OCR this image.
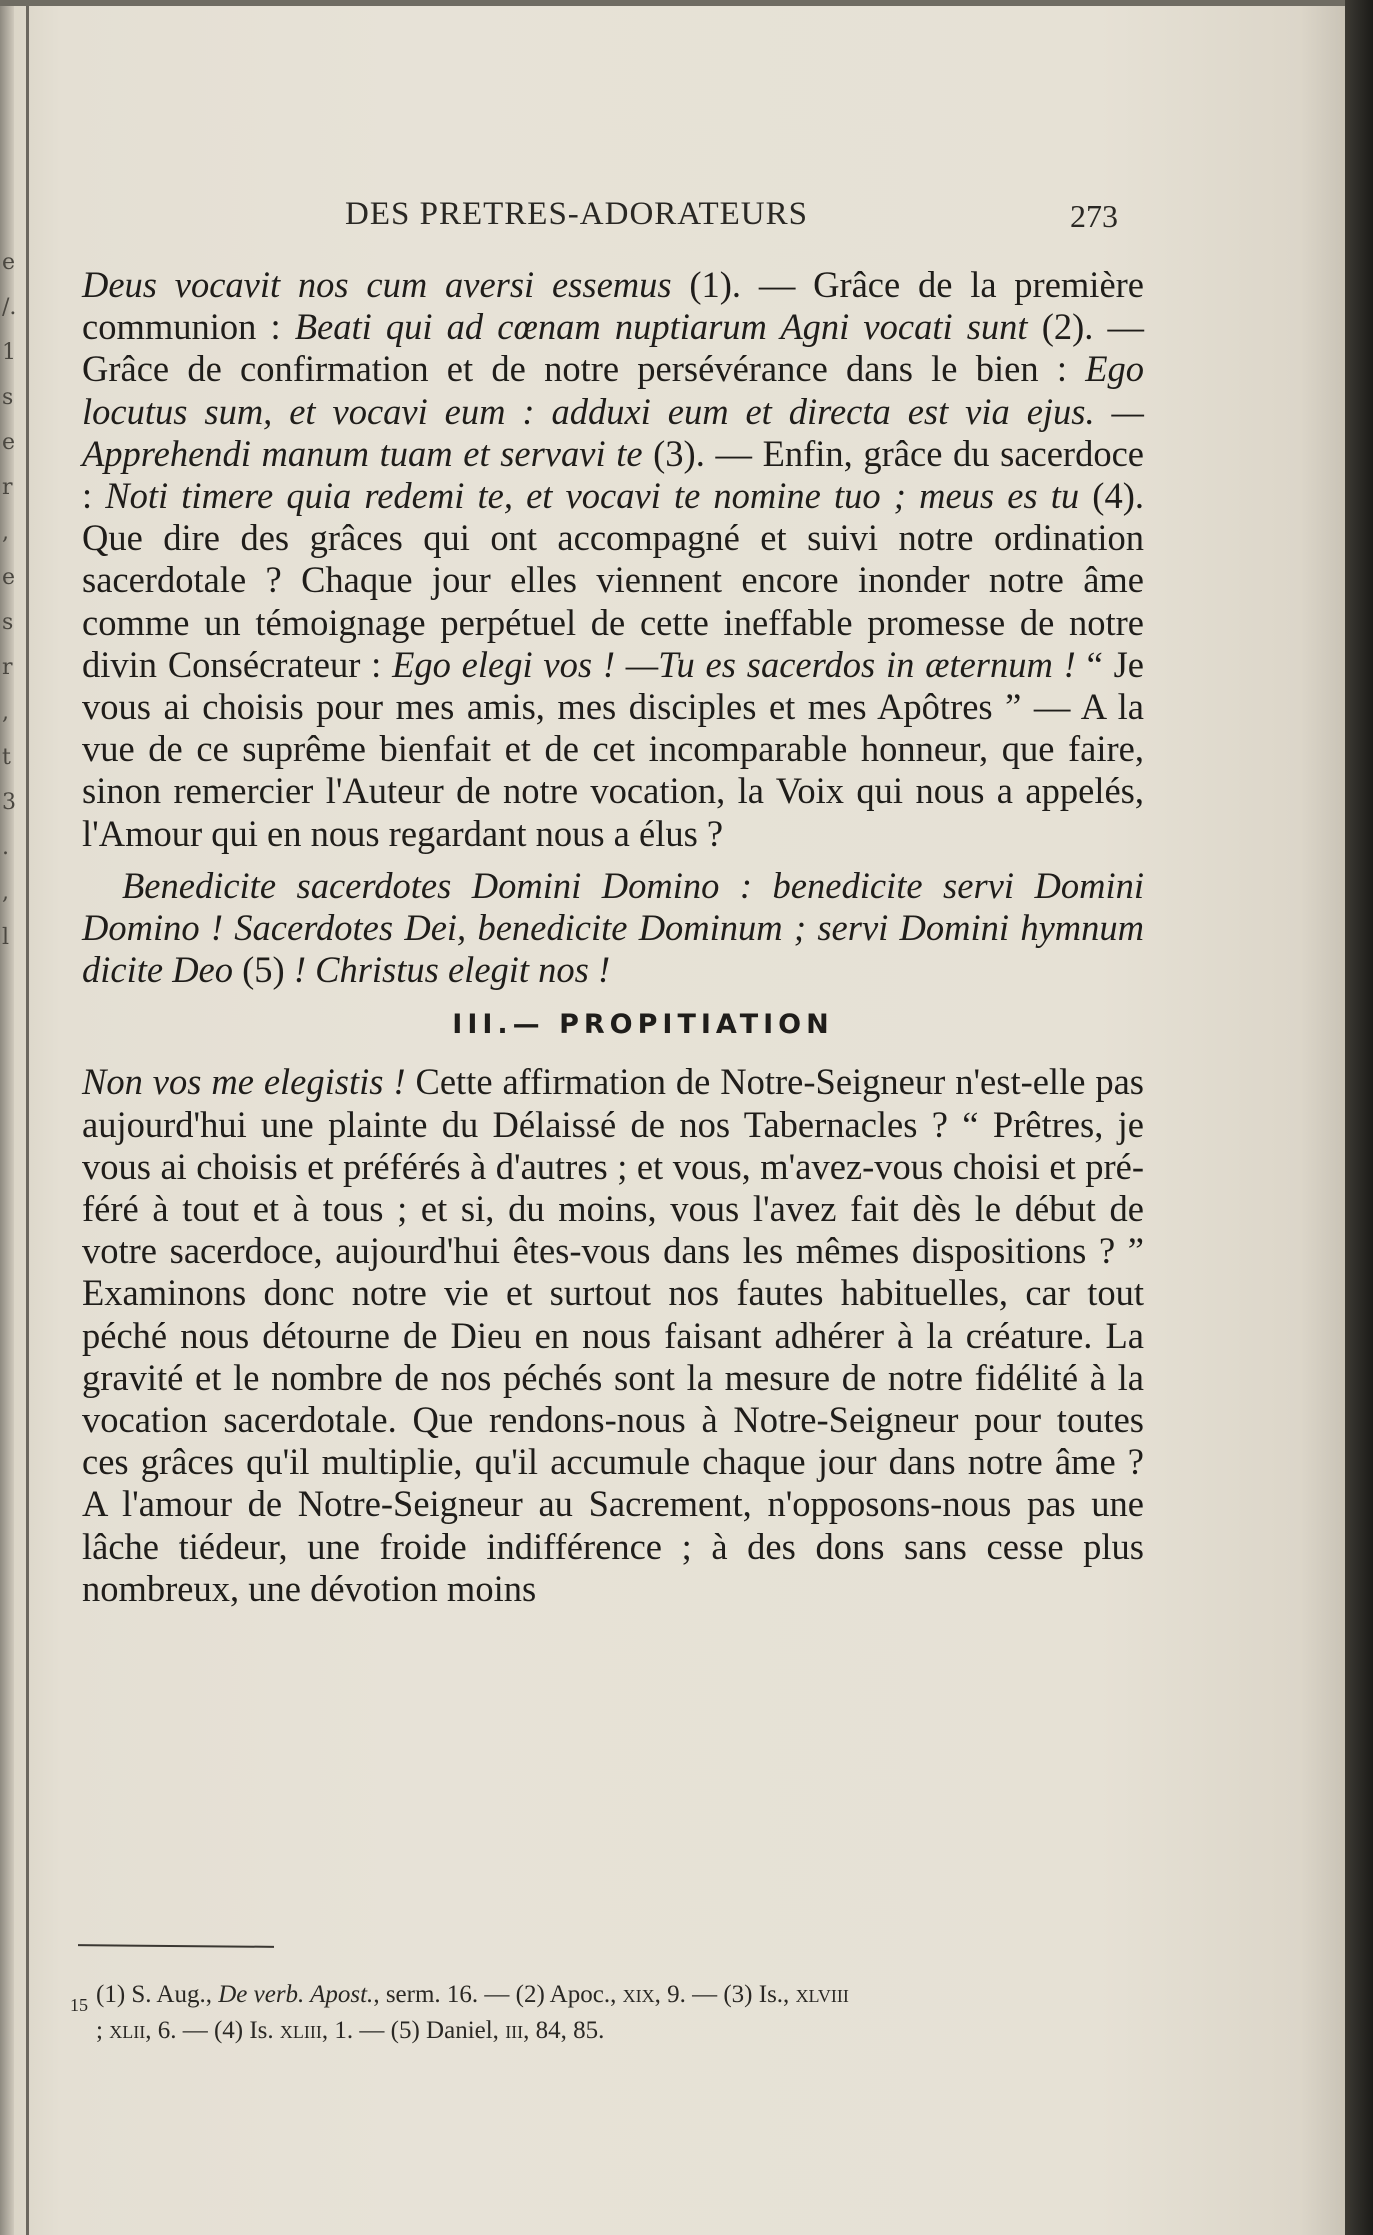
e
/.
1
s
e
r
,
e
s
r
,
t
3
.
,
l
DES PRETRES-ADORATEURS	273

Deus vocavit nos cum aversi essemus (1). — Grâce de la première communion : Beati qui ad cœnam nuptiarum Agni vocati sunt (2). — Grâce de confirmation et de notre persévérance dans le bien : Ego locutus sum, et vocavi eum : adduxi eum et directa est via ejus. — Apprehendi manum tuam et servavi te (3). — Enfin, grâce du sacerdoce : Noti timere quia redemi te, et vocavi te nomine tuo ; meus es tu (4). Que dire des grâces qui ont accompagné et suivi notre ordination sacerdotale ? Chaque jour elles viennent encore inonder notre âme comme un témoignage perpétuel de cette ineffable promesse de notre divin Consécrateur : Ego elegi vos ! —Tu es sacerdos in æternum ! “ Je vous ai choisis pour mes amis, mes disciples et mes Apôtres ” — A la vue de ce suprême bienfait et de cet incomparable honneur, que faire, sinon remercier l'Auteur de notre vocation, la Voix qui nous a appelés, l'Amour qui en nous regardant nous a élus ?

Benedicite sacerdotes Domini Domino : benedicite servi Domini Domino ! Sacerdotes Dei, benedicite Dominum ; servi Domini hymnum dicite Deo (5) ! Christus elegit nos !

III.— PROPITIATION

Non vos me elegistis ! Cette affirmation de Notre-Seigneur n'est-elle pas aujourd'hui une plainte du Délaissé de nos Tabernacles ? “ Prêtres, je vous ai choisis et préférés à d'autres ; et vous, m'avez-vous choisi et préféré à tout et à tous ; et si, du moins, vous l'avez fait dès le début de votre sacerdoce, aujourd'hui êtes-vous dans les mêmes dispositions ? ” Examinons donc notre vie et surtout nos fautes habituelles, car tout péché nous détourne de Dieu en nous faisant adhérer à la créature. La gravité et le nombre de nos péchés sont la mesure de notre fidélité à la vocation sacerdotale. Que rendons-nous à Notre-Seigneur pour toutes ces grâces qu'il multiplie, qu'il accumule chaque jour dans notre âme ? A l'amour de Notre-Seigneur au Sacrement, n'opposons-nous pas une lâche tiédeur, une froide indifférence ; à des dons sans cesse plus nombreux, une dévotion moins

15 (1) S. Aug., De verb. Apost., serm. 16. — (2) Apoc., xix, 9. — (3) Is., xlviii
; xlii, 6. — (4) Is. xliii, 1. — (5) Daniel, iii, 84, 85.
